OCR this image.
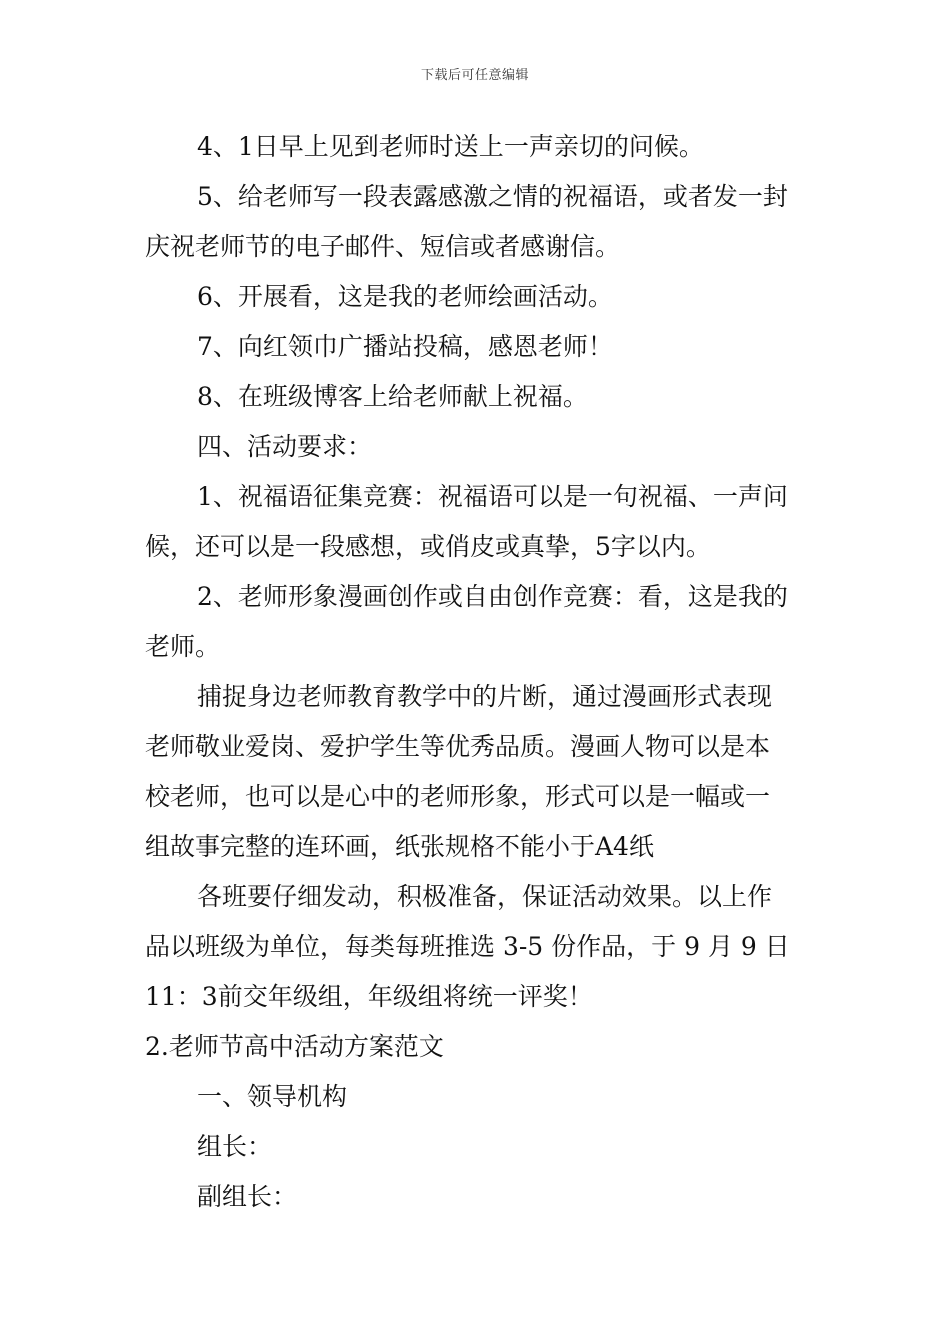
下载后可任意编辑

4、1日早上见到老师时送上一声亲切的问候。

5、给老师写一段表露感激之情的祝福语，或者发一封

庆祝老师节的电子邮件、短信或者感谢信。

6、开展看，这是我的老师绘画活动。

7、向红领巾广播站投稿，感恩老师！

8、在班级博客上给老师献上祝福。

四、活动要求：

1、祝福语征集竞赛：祝福语可以是一句祝福、一声问

候，还可以是一段感想，或俏皮或真挚，5字以内。

2、老师形象漫画创作或自由创作竞赛：看，这是我的

老师。

捕捉身边老师教育教学中的片断，通过漫画形式表现

老师敬业爱岗、爱护学生等优秀品质。漫画人物可以是本

校老师，也可以是心中的老师形象，形式可以是一幅或一

组故事完整的连环画，纸张规格不能小于A4纸

各班要仔细发动，积极准备，保证活动效果。以上作

品以班级为单位，每类每班推选 3-5 份作品，于 9 月 9 日

11：3前交年级组，年级组将统一评奖！

2.老师节高中活动方案范文

一、领导机构

组长：

副组长：
